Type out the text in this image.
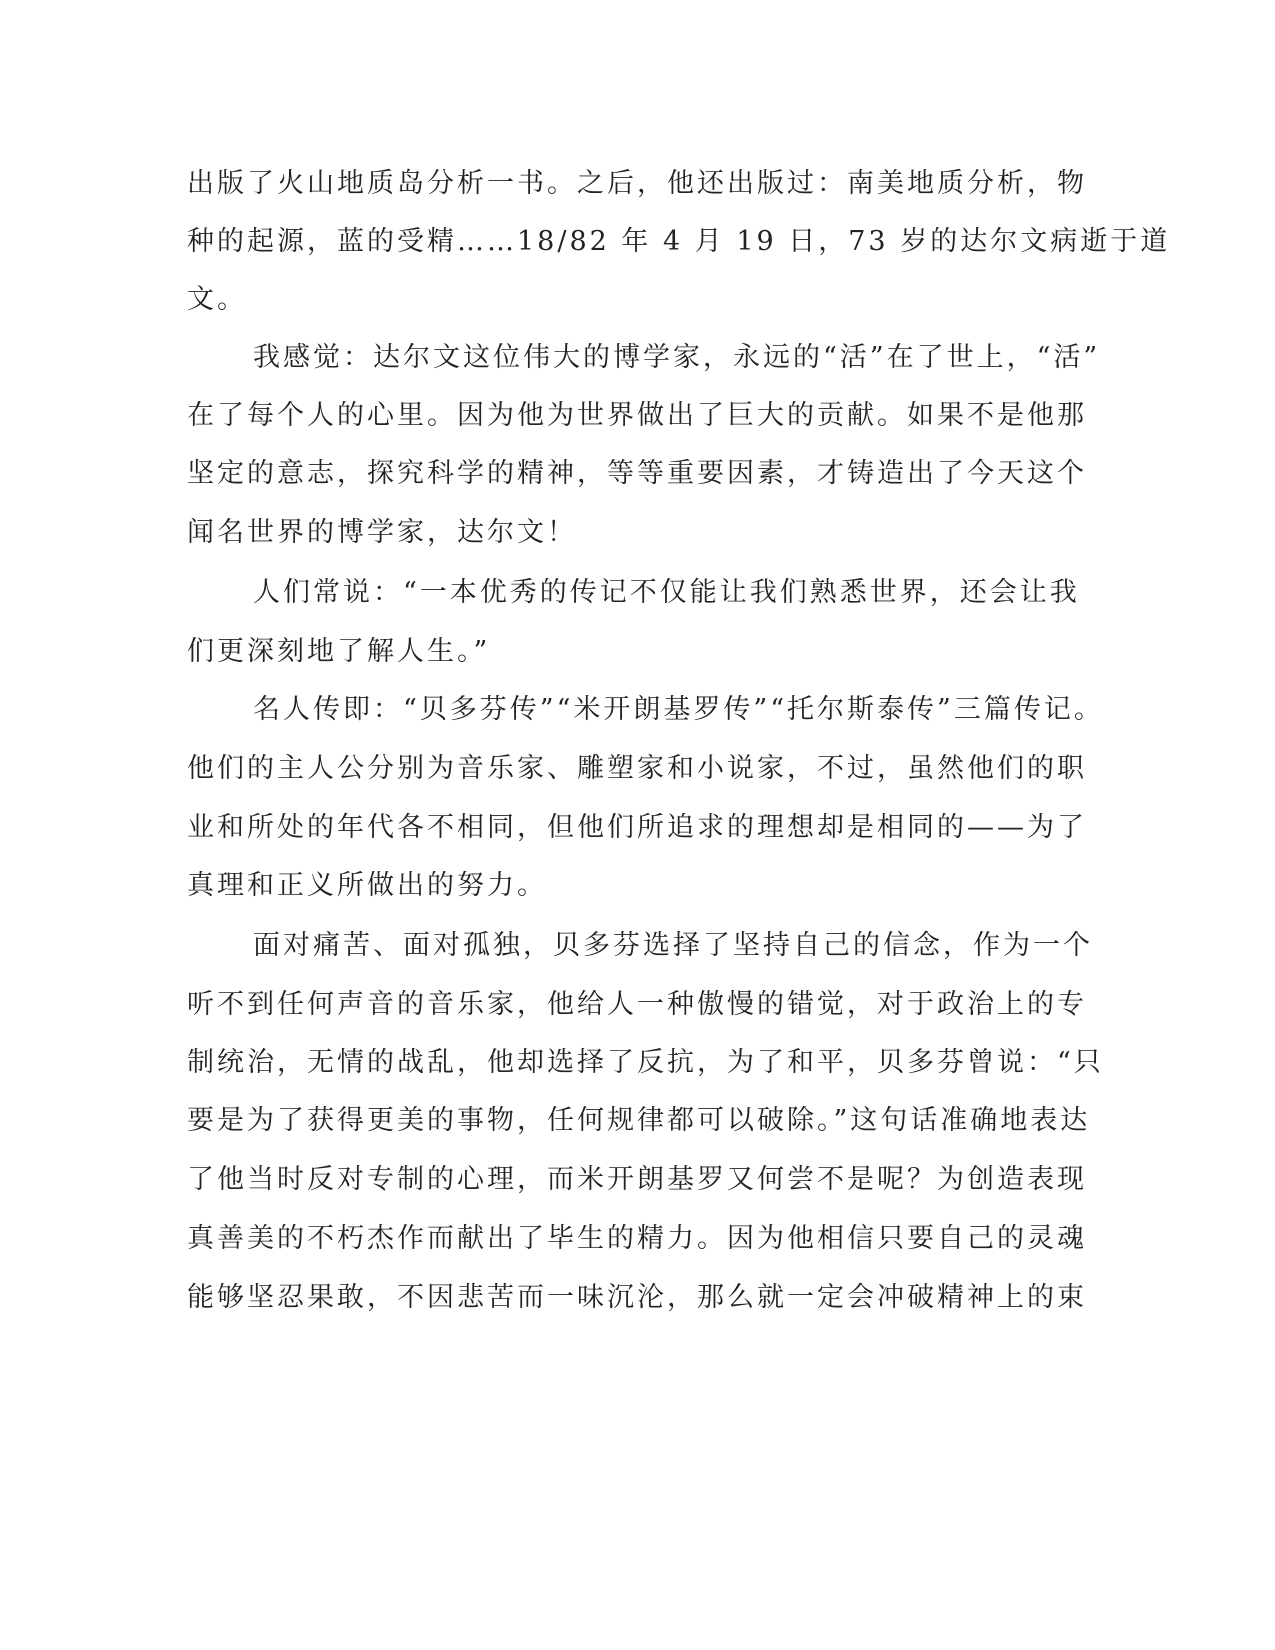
出版了火山地质岛分析一书。之后，他还出版过：南美地质分析，物
种的起源，蓝的受精……18/82 年 4 月 19 日，73 岁的达尔文病逝于道
文。
我感觉：达尔文这位伟大的博学家，永远的“活”在了世上，“活”
在了每个人的心里。因为他为世界做出了巨大的贡献。如果不是他那
坚定的意志，探究科学的精神，等等重要因素，才铸造出了今天这个
闻名世界的博学家，达尔文！
人们常说：“一本优秀的传记不仅能让我们熟悉世界，还会让我
们更深刻地了解人生。”
名人传即：“贝多芬传”“米开朗基罗传”“托尔斯泰传”三篇传记。
他们的主人公分别为音乐家、雕塑家和小说家，不过，虽然他们的职
业和所处的年代各不相同，但他们所追求的理想却是相同的——为了
真理和正义所做出的努力。
面对痛苦、面对孤独，贝多芬选择了坚持自己的信念，作为一个
听不到任何声音的音乐家，他给人一种傲慢的错觉，对于政治上的专
制统治，无情的战乱，他却选择了反抗，为了和平，贝多芬曾说：“只
要是为了获得更美的事物，任何规律都可以破除。”这句话准确地表达
了他当时反对专制的心理，而米开朗基罗又何尝不是呢？为创造表现
真善美的不朽杰作而献出了毕生的精力。因为他相信只要自己的灵魂
能够坚忍果敢，不因悲苦而一味沉沦，那么就一定会冲破精神上的束
